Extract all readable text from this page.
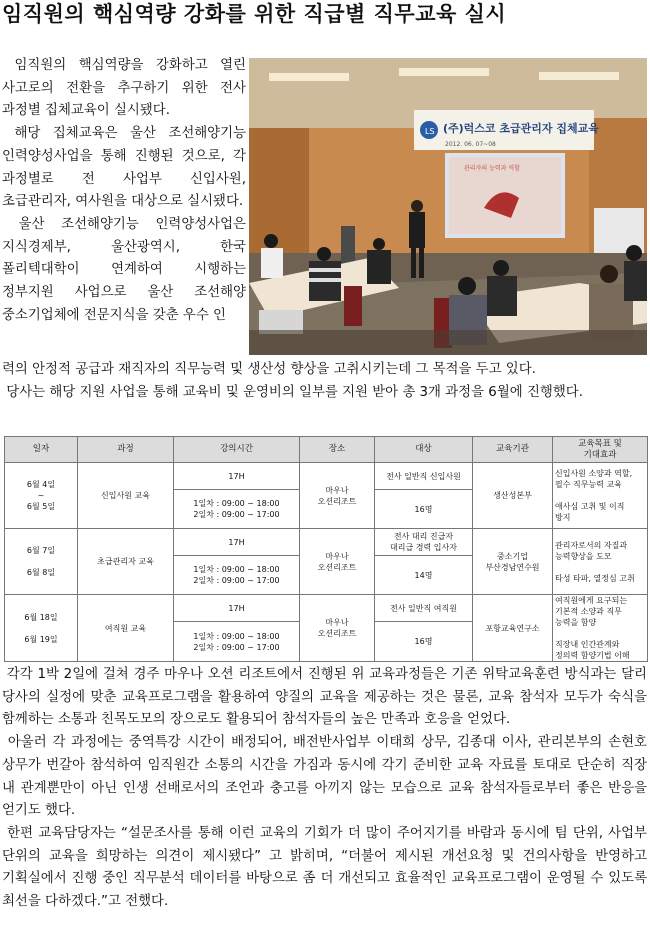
임직원의 핵심역량 강화를 위한 직급별 직무교육 실시
임직원의 핵심역량을 강화하고 열린 사고로의 전환을 추구하기 위한 전사 과정별 집체교육이 실시됐다.
해당 집체교육은 울산 조선해양기능 인력양성사업을 통해 진행된 것으로, 각 과정별로 전 사업부 신입사원, 초급관리자, 여사원을 대상으로 실시됐다.
울산 조선해양기능 인력양성사업은 지식경제부, 울산광역시, 한국 폴리텍대학이 연계하여 시행하는 정부지원 사업으로 울산 조선해양 중소기업체에 전문지식을 갖춘 우수 인
LS (주)럭스코 초급관리자 집체교육
2012. 06. 07~08
관리자의 능력과 역할
력의 안정적 공급과 재직자의 직무능력 및 생산성 향상을 고취시키는데 그 목적을 두고 있다.
당사는 해당 지원 사업을 통해 교육비 및 운영비의 일부를 지원 받아 총 3개 과정을 6월에 진행했다.
일자	과정	강의시간	장소	대상	교육기관	교육목표 및
기대효과
6월 4일
~
6월 5일	신입사원 교육	17H	마우나
오션리조트	전사 일반직 신입사원	생산성본부	신입사원 소양과 역할,
필수 직무능력 교육

애사심 고취 및 이직
방지
		1일차 : 09:00 ~ 18:00
2일차 : 09:00 ~ 17:00		16명		
6월 7일

6월 8일	초급관리자 교육	17H	마우나
오션리조트	전사 대리 진급자
대리급 경력 입사자	중소기업
부산경남연수원	관리자로서의 자질과
능력향상을 도모

타성 타파, 열정심 고취
		1일차 : 09:00 ~ 18:00
2일차 : 09:00 ~ 17:00		14명		
6월 18일

6월 19일	여직원 교육	17H	마우나
오션리조트	전사 일반직 여직원	포항교육연구소	여직원에게 요구되는
기본적 소양과 직무
능력을 함양

직장내 인간관계와
정의력 함양기법 이해
		1일차 : 09:00 ~ 18:00
2일차 : 09:00 ~ 17:00		16명		
각각 1박 2일에 걸쳐 경주 마우나 오션 리조트에서 진행된 위 교육과정들은 기존 위탁교육훈련 방식과는 달리 당사의 실정에 맞춘 교육프로그램을 활용하여 양질의 교육을 제공하는 것은 물론, 교육 참석자 모두가 숙식을 함께하는 소통과 친목도모의 장으로도 활용되어 참석자들의 높은 만족과 호응을 얻었다.
아울러 각 과정에는 중역특강 시간이 배정되어, 배전반사업부 이태희 상무, 김종대 이사, 관리본부의 손현호 상무가 번갈아 참석하여 임직원간 소통의 시간을 가짐과 동시에 각기 준비한 교육 자료를 토대로 단순히 직장 내 관계뿐만이 아닌 인생 선배로서의 조언과 충고를 아끼지 않는 모습으로 교육 참석자들로부터 좋은 반응을 얻기도 했다.
한편 교육담당자는 “설문조사를 통해 이런 교육의 기회가 더 많이 주어지기를 바람과 동시에 팀 단위, 사업부 단위의 교육을 희망하는 의견이 제시됐다” 고 밝히며, “더불어 제시된 개선요청 및 건의사항을 반영하고 기획실에서 진행 중인 직무분석 데이터를 바탕으로 좀 더 개선되고 효율적인 교육프로그램이 운영될 수 있도록 최선을 다하겠다.”고 전했다.
